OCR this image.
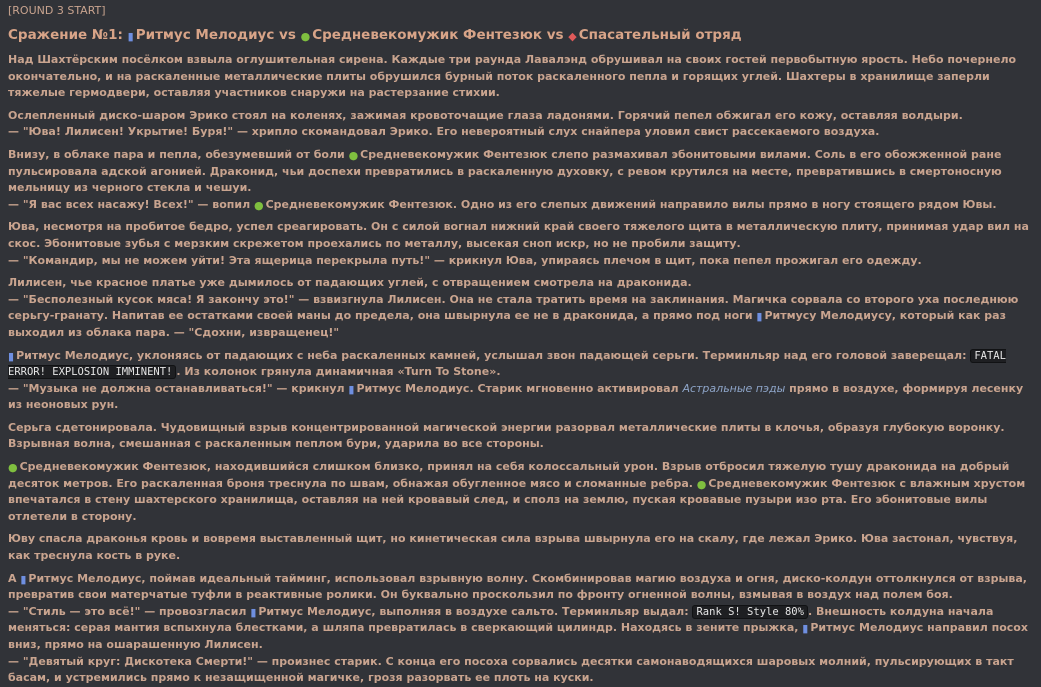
[ROUND 3 START]
Сражение №1: ▮ Ритмус Мелодиус vs ● Средневекомужик Фентезюк vs ◆ Спасательный отряд

Над Шахтёрским посёлком взвыла оглушительная сирена. Каждые три раунда Лавалэнд обрушивал на своих гостей первобытную ярость. Небо почернело окончательно, и на раскаленные металлические плиты обрушился бурный поток раскаленного пепла и горящих углей. Шахтеры в хранилище заперли тяжелые гермодвери, оставляя участников снаружи на растерзание стихии.

Ослепленный диско-шаром Эрико стоял на коленях, зажимая кровоточащие глаза ладонями. Горячий пепел обжигал его кожу, оставляя волдыри.

— "Юва! Лилисен! Укрытие! Буря!" — хрипло скомандовал Эрико. Его невероятный слух снайпера уловил свист рассекаемого воздуха.

Внизу, в облаке пара и пепла, обезумевший от боли ● Средневекомужик Фентезюк слепо размахивал эбонитовыми вилами. Соль в его обожженной ране пульсировала адской агонией. Драконид, чьи доспехи превратились в раскаленную духовку, с ревом крутился на месте, превратившись в смертоносную мельницу из черного стекла и чешуи.

— "Я вас всех насажу! Всех!" — вопил ● Средневекомужик Фентезюк. Одно из его слепых движений направило вилы прямо в ногу стоящего рядом Ювы.

Юва, несмотря на пробитое бедро, успел среагировать. Он с силой вогнал нижний край своего тяжелого щита в металлическую плиту, принимая удар вил на скос. Эбонитовые зубья с мерзким скрежетом проехались по металлу, высекая сноп искр, но не пробили защиту.

— "Командир, мы не можем уйти! Эта ящерица перекрыла путь!" — крикнул Юва, упираясь плечом в щит, пока пепел прожигал его одежду.

Лилисен, чье красное платье уже дымилось от падающих углей, с отвращением смотрела на драконида.

— "Бесполезный кусок мяса! Я закончу это!" — взвизгнула Лилисен. Она не стала тратить время на заклинания. Магичка сорвала со второго уха последнюю серьгу-гранату. Напитав ее остатками своей маны до предела, она швырнула ее не в драконида, а прямо под ноги ▮ Ритмусу Мелодиусу, который как раз выходил из облака пара. — "Сдохни, извращенец!"

▮ Ритмус Мелодиус, уклоняясь от падающих с неба раскаленных камней, услышал звон падающей серьги. Терминльяр над его головой заверещал: FATAL ERROR! EXPLOSION IMMINENT! . Из колонок грянула динамичная «Turn To Stone».

— "Музыка не должна останавливаться!" — крикнул ▮ Ритмус Мелодиус. Старик мгновенно активировал Астральные пэды прямо в воздухе, формируя лесенку из неоновых рун.

Серьга сдетонировала. Чудовищный взрыв концентрированной магической энергии разорвал металлические плиты в клочья, образуя глубокую воронку. Взрывная волна, смешанная с раскаленным пеплом бури, ударила во все стороны.

● Средневекомужик Фентезюк, находившийся слишком близко, принял на себя колоссальный урон. Взрыв отбросил тяжелую тушу драконида на добрый десяток метров. Его раскаленная броня треснула по швам, обнажая обугленное мясо и сломанные ребра. ● Средневекомужик Фентезюк с влажным хрустом впечатался в стену шахтерского хранилища, оставляя на ней кровавый след, и сполз на землю, пуская кровавые пузыри изо рта. Его эбонитовые вилы отлетели в сторону.

Юву спасла драконья кровь и вовремя выставленный щит, но кинетическая сила взрыва швырнула его на скалу, где лежал Эрико. Юва застонал, чувствуя, как треснула кость в руке.

А ▮ Ритмус Мелодиус, поймав идеальный тайминг, использовал взрывную волну. Скомбинировав магию воздуха и огня, диско-колдун оттолкнулся от взрыва, превратив свои матерчатые туфли в реактивные ролики. Он буквально проскользил по фронту огненной волны, взмывая в воздух над полем боя.

— "Стиль — это всё!" — провозгласил ▮ Ритмус Мелодиус, выполняя в воздухе сальто. Терминльяр выдал: Rank S! Style 80% . Внешность колдуна начала меняться: серая мантия вспыхнула блестками, а шляпа превратилась в сверкающий цилиндр. Находясь в зените прыжка, ▮ Ритмус Мелодиус направил посох вниз, прямо на ошарашенную Лилисен.

— "Девятый круг: Дискотека Смерти!" — произнес старик. С конца его посоха сорвались десятки самонаводящихся шаровых молний, пульсирующих в такт басам, и устремились прямо к незащищенной магичке, грозя разорвать ее плоть на куски.
